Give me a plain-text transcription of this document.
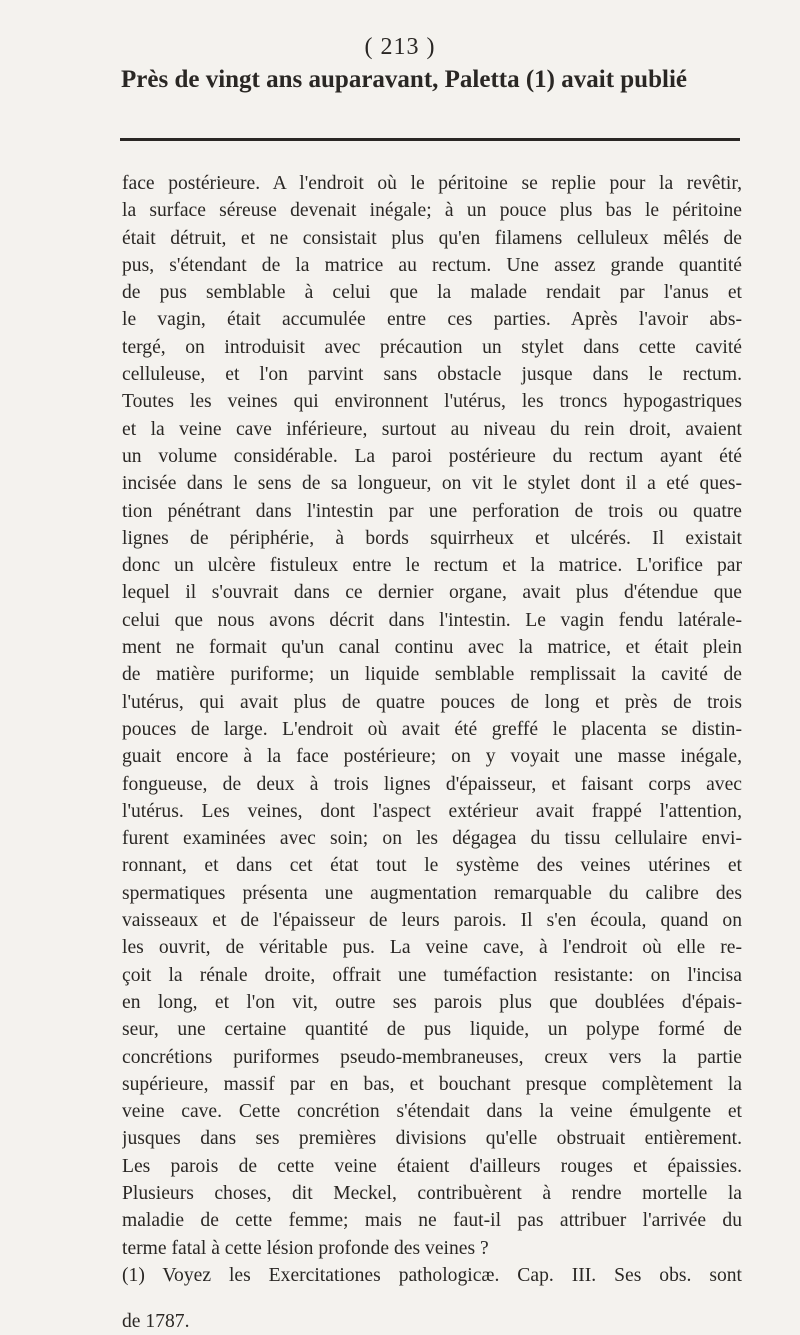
( 213 )
Près de vingt ans auparavant, Paletta (1) avait publié
face postérieure. A l'endroit où le péritoine se replie pour la revêtir,
la surface séreuse devenait inégale; à un pouce plus bas le péritoine
était détruit, et ne consistait plus qu'en filamens celluleux mêlés de
pus, s'étendant de la matrice au rectum. Une assez grande quantité
de pus semblable à celui que la malade rendait par l'anus et
le vagin, était accumulée entre ces parties. Après l'avoir abs-
tergé, on introduisit avec précaution un stylet dans cette cavité
celluleuse, et l'on parvint sans obstacle jusque dans le rectum.
Toutes les veines qui environnent l'utérus, les troncs hypogastriques
et la veine cave inférieure, surtout au niveau du rein droit, avaient
un volume considérable. La paroi postérieure du rectum ayant été
incisée dans le sens de sa longueur, on vit le stylet dont il a eté ques-
tion pénétrant dans l'intestin par une perforation de trois ou quatre
lignes de périphérie, à bords squirrheux et ulcérés. Il existait
donc un ulcère fistuleux entre le rectum et la matrice. L'orifice par
lequel il s'ouvrait dans ce dernier organe, avait plus d'étendue que
celui que nous avons décrit dans l'intestin. Le vagin fendu latérale-
ment ne formait qu'un canal continu avec la matrice, et était plein
de matière puriforme; un liquide semblable remplissait la cavité de
l'utérus, qui avait plus de quatre pouces de long et près de trois
pouces de large. L'endroit où avait été greffé le placenta se distin-
guait encore à la face postérieure; on y voyait une masse inégale,
fongueuse, de deux à trois lignes d'épaisseur, et faisant corps avec
l'utérus. Les veines, dont l'aspect extérieur avait frappé l'attention,
furent examinées avec soin; on les dégagea du tissu cellulaire envi-
ronnant, et dans cet état tout le système des veines utérines et
spermatiques présenta une augmentation remarquable du calibre des
vaisseaux et de l'épaisseur de leurs parois. Il s'en écoula, quand on
les ouvrit, de véritable pus. La veine cave, à l'endroit où elle re-
çoit la rénale droite, offrait une tuméfaction resistante: on l'incisa
en long, et l'on vit, outre ses parois plus que doublées d'épais-
seur, une certaine quantité de pus liquide, un polype formé de
concrétions puriformes pseudo-membraneuses, creux vers la partie
supérieure, massif par en bas, et bouchant presque complètement la
veine cave. Cette concrétion s'étendait dans la veine émulgente et
jusques dans ses premières divisions qu'elle obstruait entièrement.
Les parois de cette veine étaient d'ailleurs rouges et épaissies.
Plusieurs choses, dit Meckel, contribuèrent à rendre mortelle la
maladie de cette femme; mais ne faut-il pas attribuer l'arrivée du
terme fatal à cette lésion profonde des veines ?
(1) Voyez les Exercitationes pathologicæ. Cap. III. Ses obs. sont
de 1787.
